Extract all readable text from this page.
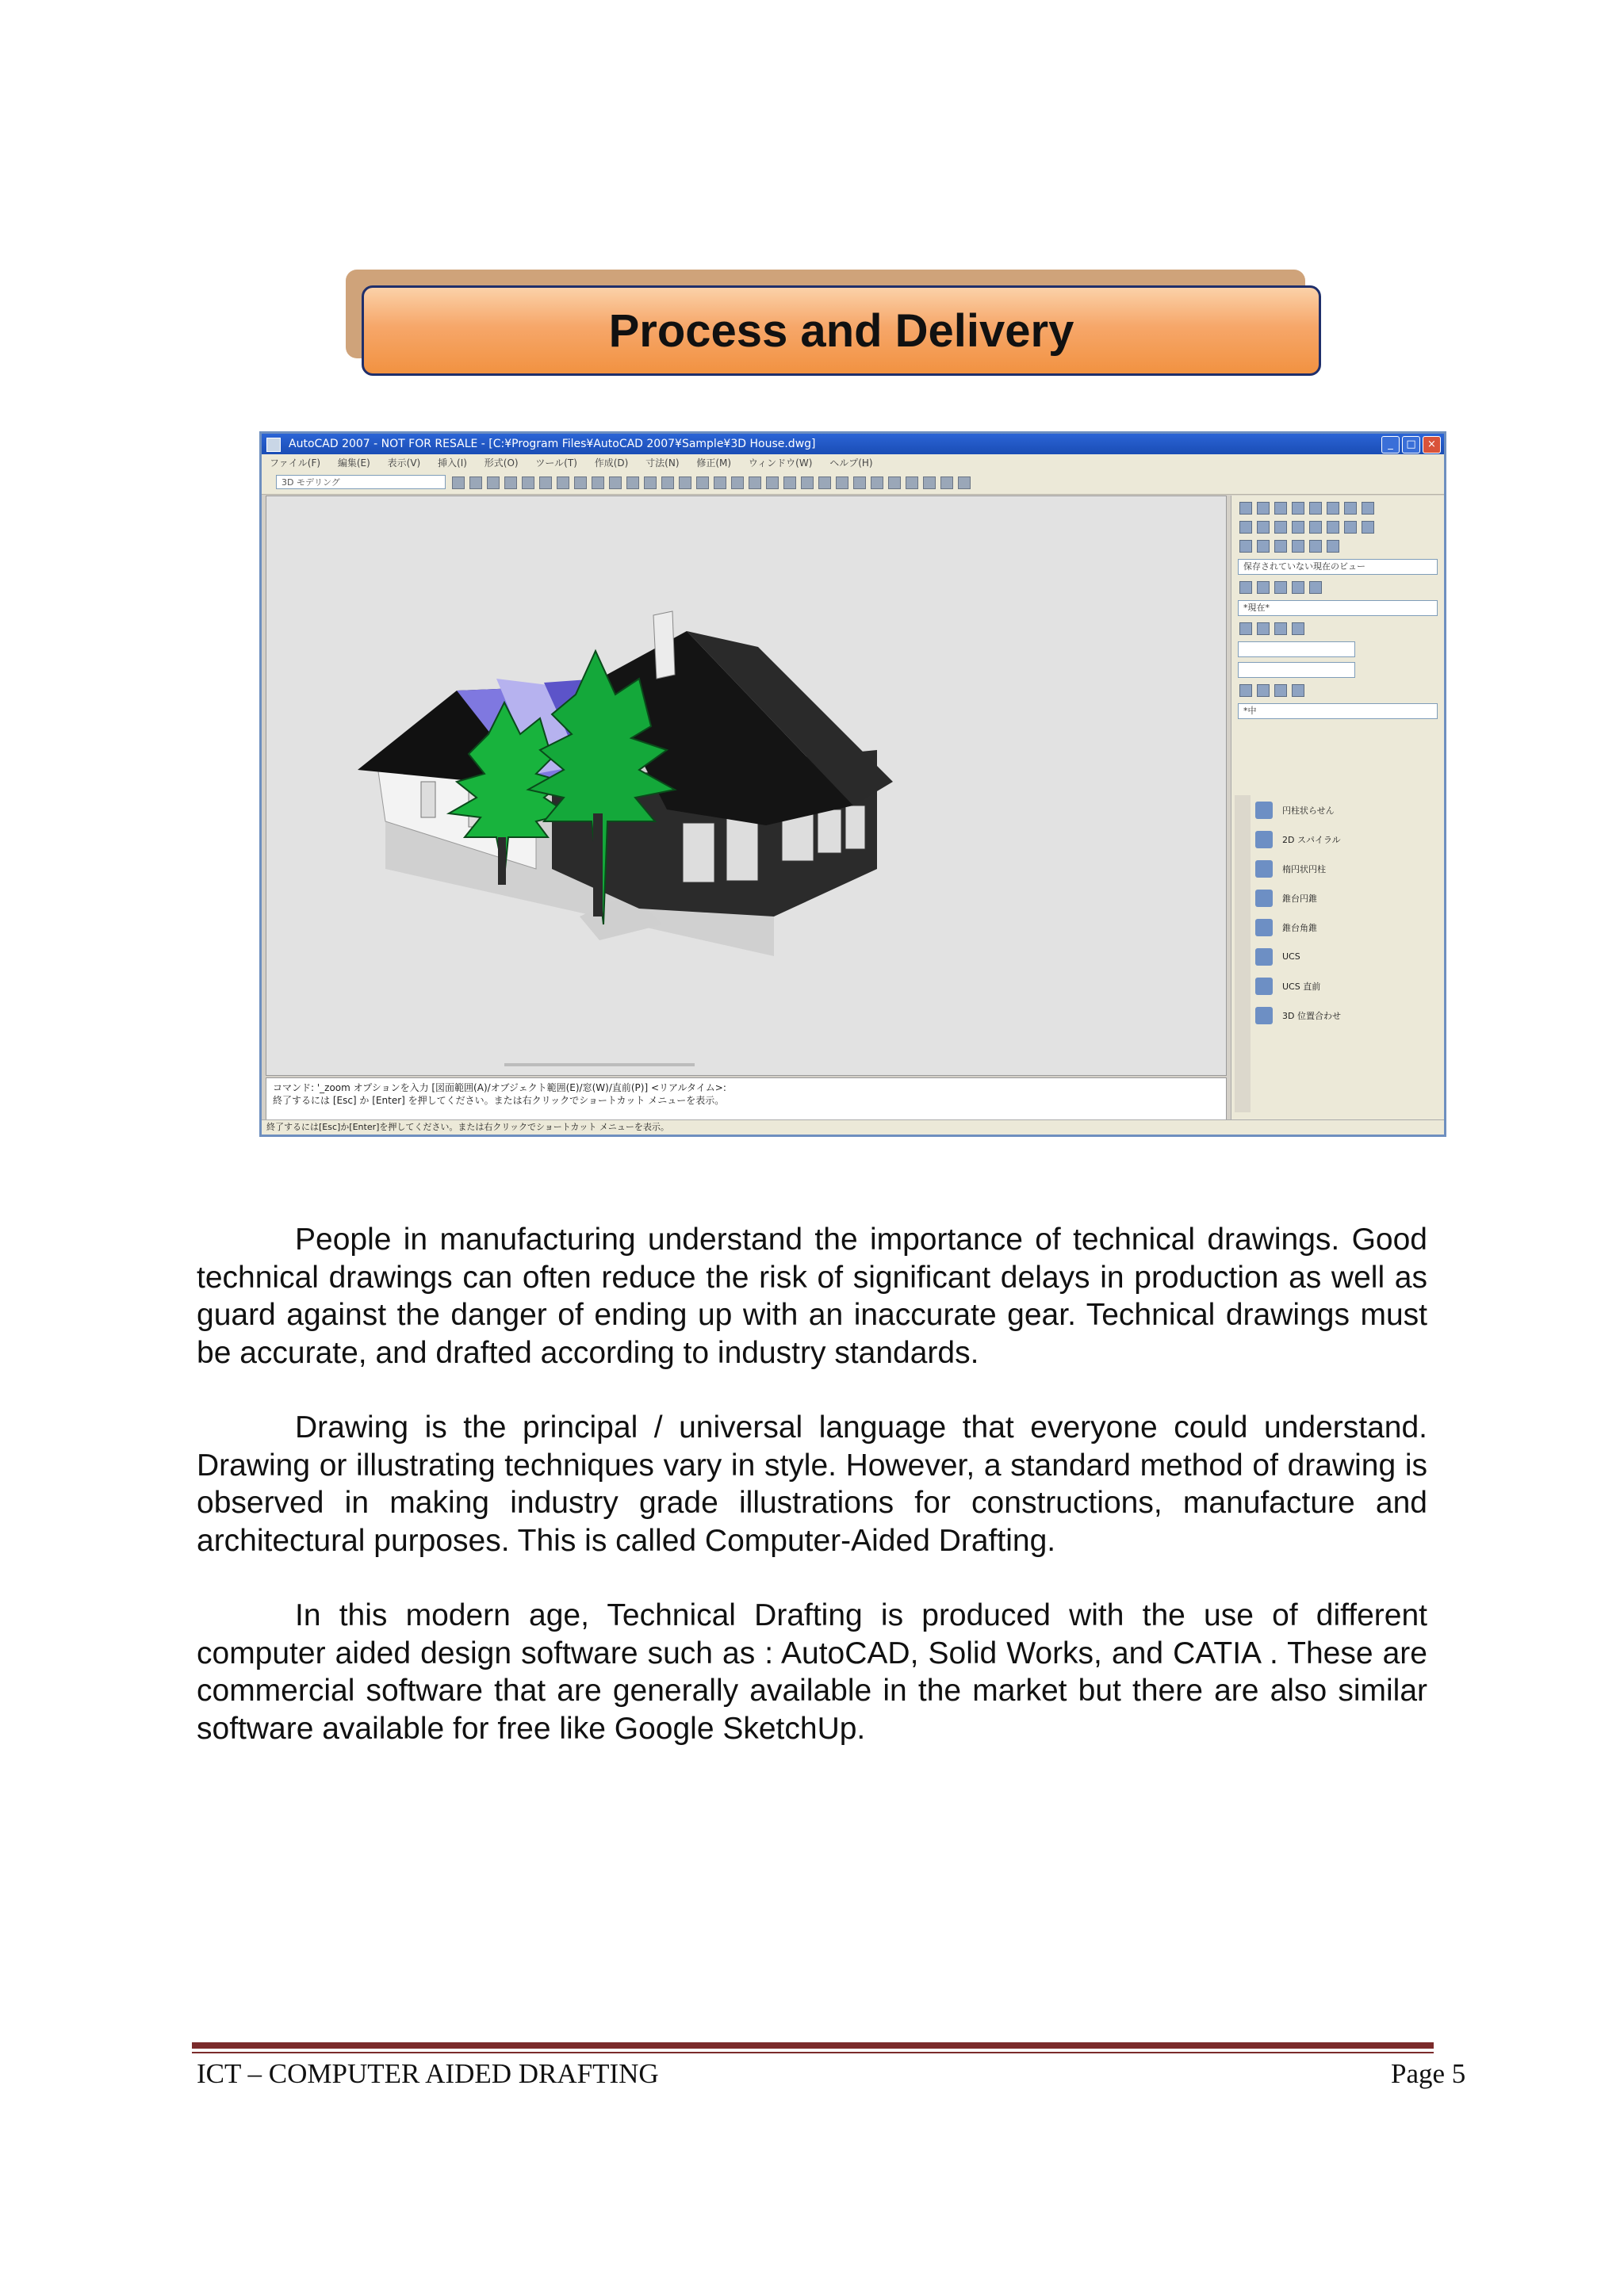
Process and Delivery
AutoCAD 2007 - NOT FOR RESALE - [C:¥Program Files¥AutoCAD 2007¥Sample¥3D House.dwg]	_	□	×
ファイル(F) 編集(E) 表示(V) 挿入(I) 形式(O) ツール(T) 作成(D) 寸法(N) 修正(M) ウィンドウ(W) ヘルプ(H)
3D モデリング
保存されていない現在のビュー
*現在*
*中
円柱状らせん
2D スパイラル
楕円状円柱
錐台円錐
錐台角錐
UCS
UCS 直前
3D 位置合わせ
コマンド: '_zoom オプションを入力 [図面範囲(A)/オブジェクト範囲(E)/窓(W)/直前(P)] <リアルタイム>:
終了するには [Esc] か [Enter] を押してください。または右クリックでショートカット メニューを表示。
終了するには[Esc]か[Enter]を押してください。または右クリックでショートカット メニューを表示。

People in manufacturing understand the importance of technical drawings. Good technical drawings can often reduce the risk of significant delays in production as well as guard against the danger of ending up with an inaccurate gear. Technical drawings must be accurate, and drafted according to industry standards.

Drawing is the principal / universal language that everyone could understand. Drawing or illustrating techniques vary in style. However, a standard method of drawing is observed in making industry grade illustrations for constructions, manufacture and architectural purposes. This is called Computer-Aided Drafting.

In this modern age, Technical Drafting is produced with the use of different computer aided design software such as : AutoCAD, Solid Works, and CATIA . These are commercial software that are generally available in the market but there are also similar software available for free like Google SketchUp.

ICT – COMPUTER AIDED DRAFTING	Page 5
